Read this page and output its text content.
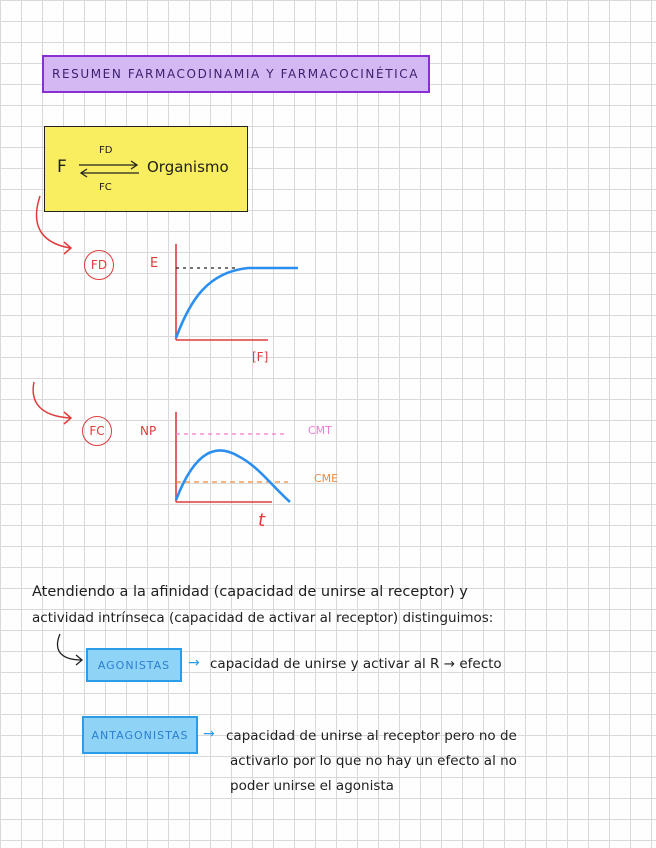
RESUMEN FARMACODINAMIA Y FARMACOCINÉTICA
F
FD
FC
Organismo
FD	E
[F]
FC	NP	CMT
CME
t
Atendiendo a la afinidad (capacidad de unirse al receptor) y
actividad intrínseca (capacidad de activar al receptor) distinguimos:
AGONISTAS → capacidad de unirse y activar al R → efecto
ANTAGONISTAS → capacidad de unirse al receptor pero no de
activarlo por lo que no hay un efecto al no
poder unirse el agonista
